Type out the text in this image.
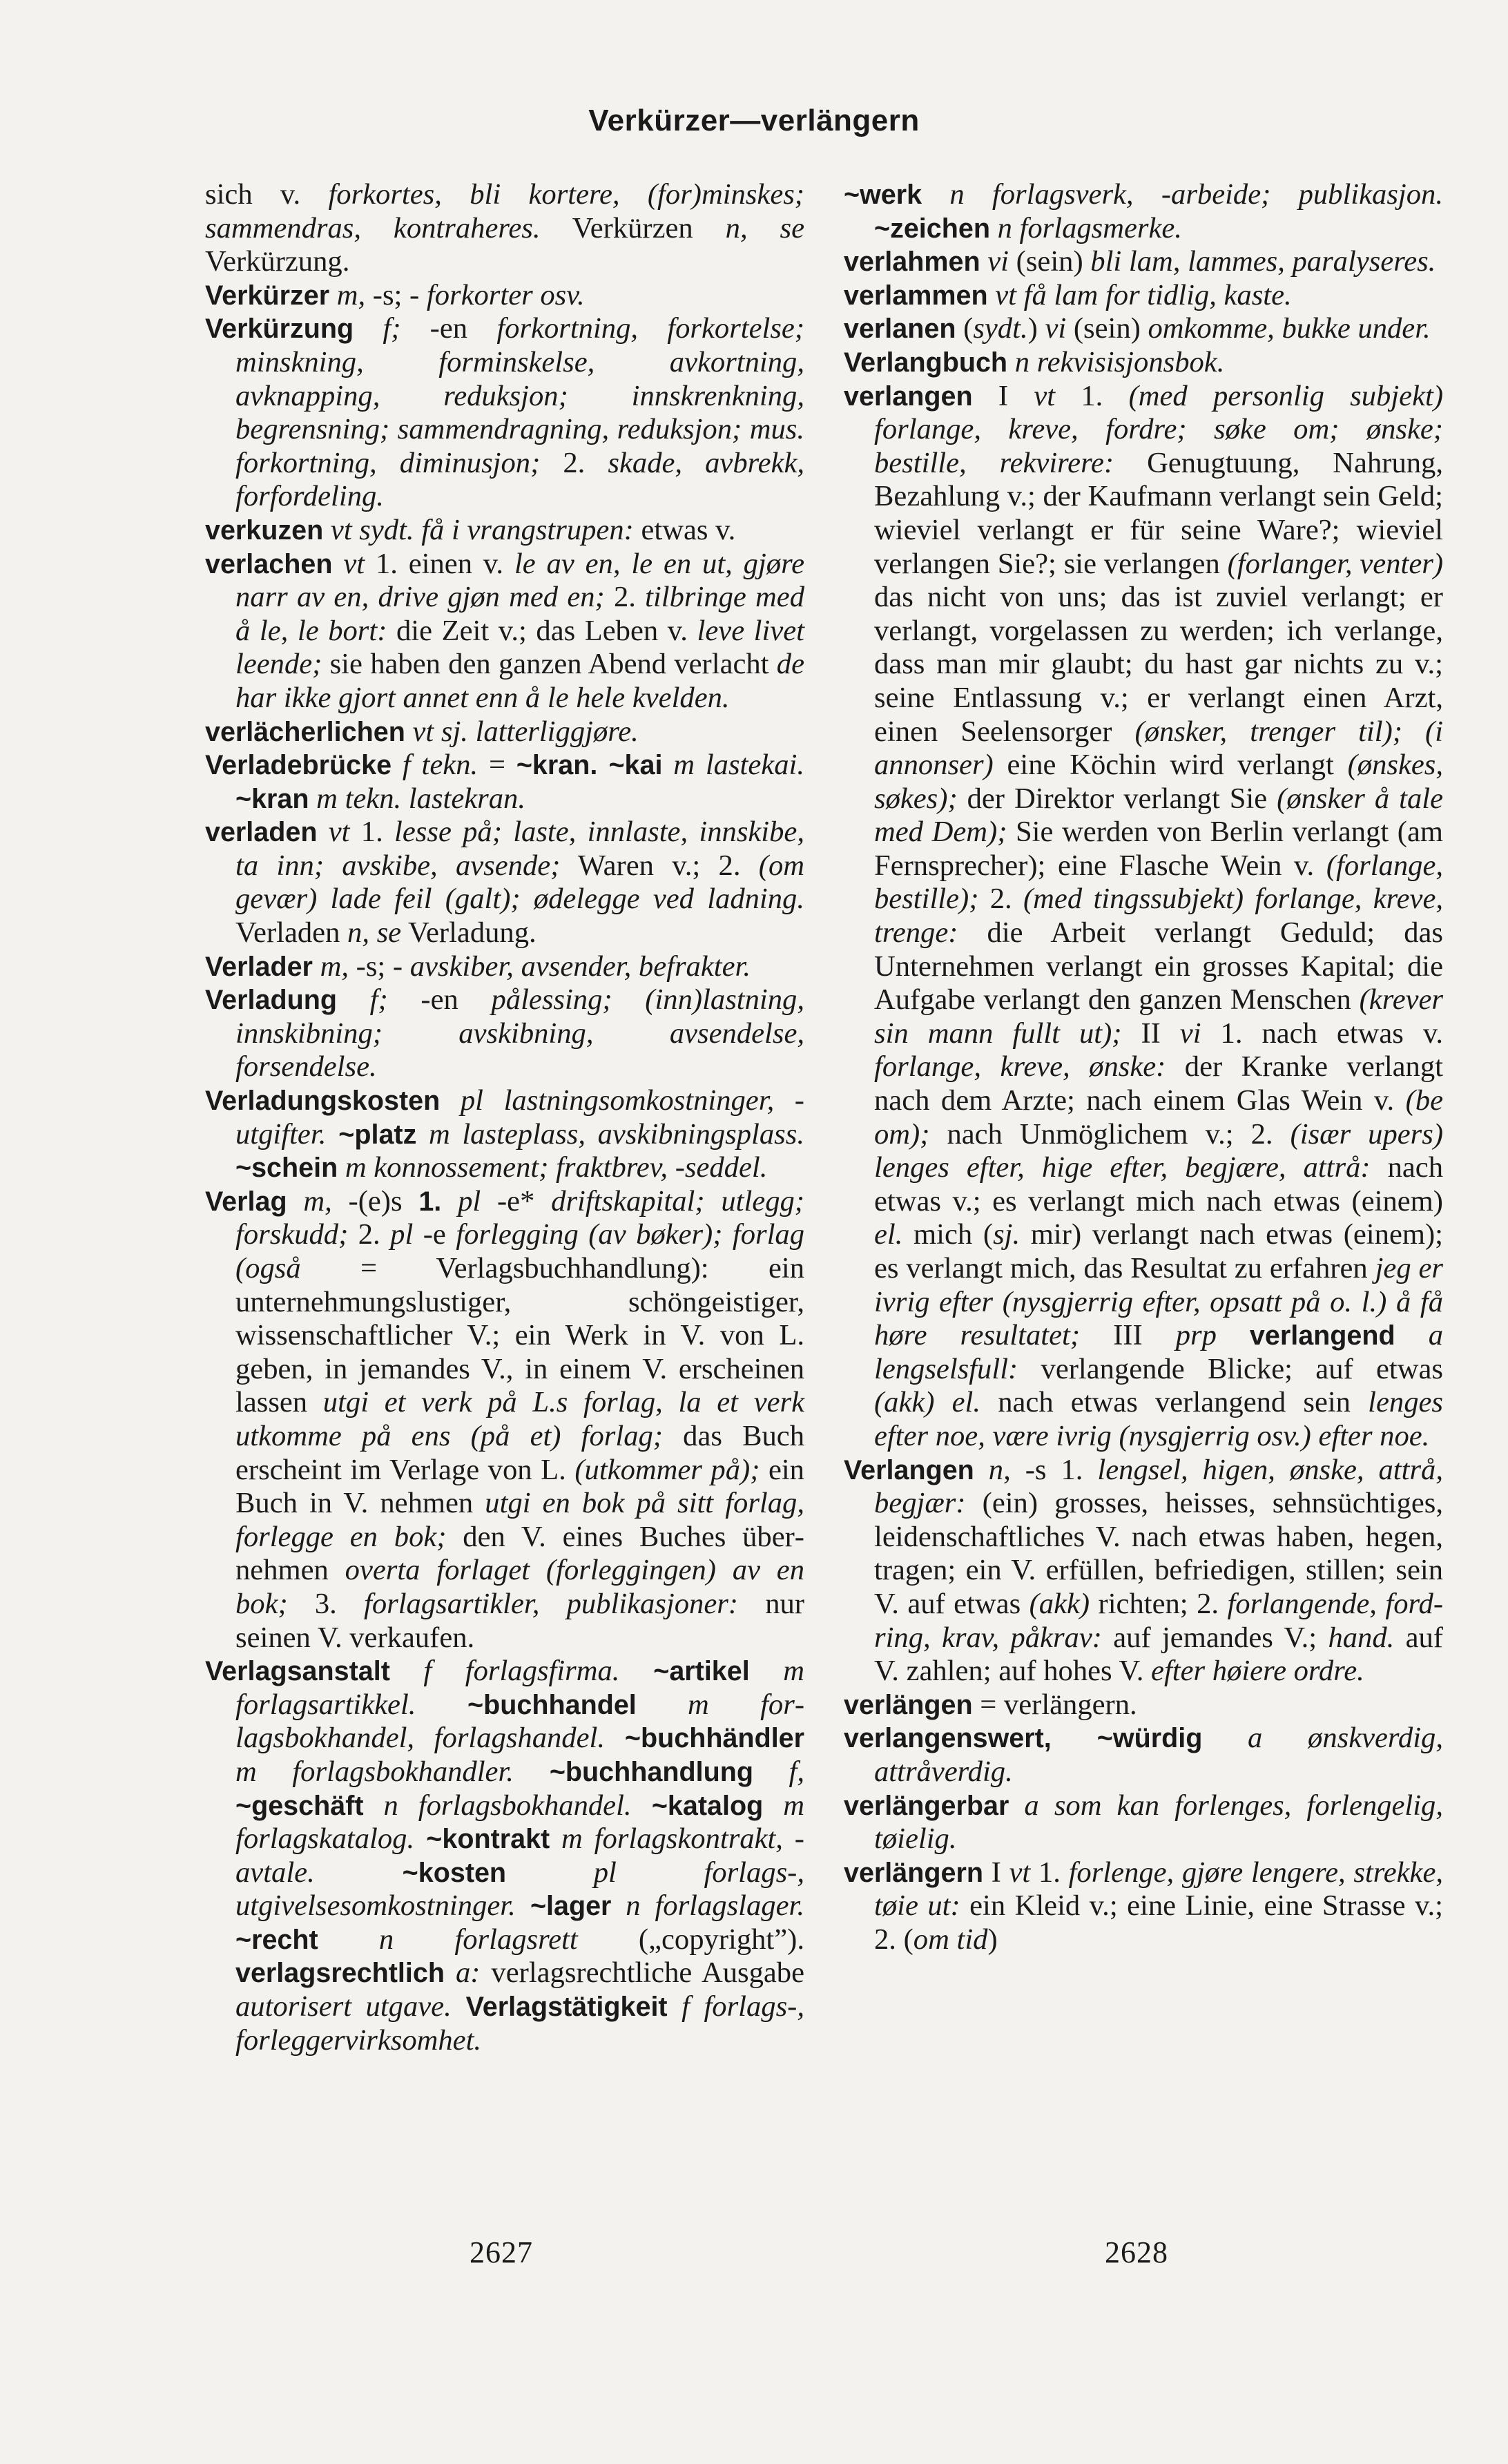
Verkürzer—verlängern

sich v. forkortes, bli kortere, (for)minskes; sammendras, kontraheres. Verkürzen n, se Verkürzung.

Verkürzer m, -s; - forkorter osv.

Verkürzung f; -en forkortning, forkortelse; minskning, forminskelse, avkortning, avknapping, reduksjon; innskrenkning, begrensning; sammendragning, reduksjon; mus. forkortning, diminusjon; 2. skade, avbrekk, forfordeling.

verkuzen vt sydt. få i vrangstrupen: etwas v.

verlachen vt 1. einen v. le av en, le en ut, gjøre narr av en, drive gjøn med en; 2. tilbringe med å le, le bort: die Zeit v.; das Leben v. leve livet leende; sie haben den ganzen Abend verlacht de har ikke gjort annet enn å le hele kvelden.

verlächerlichen vt sj. latterliggjøre.

Verladebrücke f tekn. = ~kran. ~kai m lastekai. ~kran m tekn. lastekran.

verladen vt 1. lesse på; laste, innlaste, innskibe, ta inn; avskibe, avsende; Waren v.; 2. (om gevær) lade feil (galt); ødelegge ved ladning. Verladen n, se Verladung.

Verlader m, -s; - avskiber, avsender, befrakter.

Verladung f; -en pålessing; (inn)lastning, innskibning; avskibning, avsendelse, forsendelse.

Verladungskosten pl lastningsomkostninger, -utgifter. ~platz m lasteplass, avskibningsplass. ~schein m konnossement; fraktbrev, -seddel.

Verlag m, -(e)s 1. pl -e* driftskapital; utlegg; forskudd; 2. pl -e forlegging (av bøker); forlag (også = Verlagsbuchhandlung): ein unternehmungslustiger, schöngeistiger, wissenschaftlicher V.; ein Werk in V. von L. geben, in jemandes V., in einem V. erscheinen lassen utgi et verk på L.s forlag, la et verk utkomme på ens (på et) forlag; das Buch erscheint im Verlage von L. (utkommer på); ein Buch in V. nehmen utgi en bok på sitt forlag, forlegge en bok; den V. eines Buches übernehmen overta forlaget (forleggingen) av en bok; 3. forlagsartikler, publikasjoner: nur seinen V. verkaufen.

Verlagsanstalt f forlagsfirma. ~artikel m forlagsartikkel. ~buchhandel m forlagsbokhandel, forlagshandel. ~buchhändler m forlagsbokhandler. ~buchhandlung f, ~geschäft n forlagsbokhandel. ~katalog m forlagskatalog. ~kontrakt m forlagskontrakt, -avtale. ~kosten pl forlags-, utgivelsesomkostninger. ~lager n forlagslager. ~recht n forlagsrett („copyright”). verlagsrechtlich a: verlagsrechtliche Ausgabe autorisert utgave. Verlagstätigkeit f forlags-, forleggervirksomhet.

~werk n forlagsverk, -arbeide; publikasjon. ~zeichen n forlagsmerke.

verlahmen vi (sein) bli lam, lammes, paralyseres.

verlammen vt få lam for tidlig, kaste.

verlanen (sydt.) vi (sein) omkomme, bukke under.

Verlangbuch n rekvisisjonsbok.

verlangen I vt 1. (med personlig subjekt) forlange, kreve, fordre; søke om; ønske; bestille, rekvirere: Genugtuung, Nahrung, Bezahlung v.; der Kaufmann verlangt sein Geld; wieviel verlangt er für seine Ware?; wieviel verlangen Sie?; sie verlangen (forlanger, venter) das nicht von uns; das ist zuviel verlangt; er verlangt, vorgelassen zu werden; ich verlange, dass man mir glaubt; du hast gar nichts zu v.; seine Entlassung v.; er verlangt einen Arzt, einen Seelensorger (ønsker, trenger til); (i annonser) eine Köchin wird verlangt (ønskes, søkes); der Direktor verlangt Sie (ønsker å tale med Dem); Sie werden von Berlin verlangt (am Fernsprecher); eine Flasche Wein v. (forlange, bestille); 2. (med tingssubjekt) forlange, kreve, trenge: die Arbeit verlangt Geduld; das Unternehmen verlangt ein grosses Kapital; die Aufgabe verlangt den ganzen Menschen (krever sin mann fullt ut); II vi 1. nach etwas v. forlange, kreve, ønske: der Kranke verlangt nach dem Arzte; nach einem Glas Wein v. (be om); nach Unmöglichem v.; 2. (især upers) lenges efter, hige efter, begjære, attrå: nach etwas v.; es verlangt mich nach etwas (einem) el. mich (sj. mir) verlangt nach etwas (einem); es verlangt mich, das Resultat zu erfahren jeg er ivrig efter (nysgjerrig efter, opsatt på o. l.) å få høre resultatet; III prp verlangend a lengselsfull: verlangende Blicke; auf etwas (akk) el. nach etwas verlangend sein lenges efter noe, være ivrig (nysgjerrig osv.) efter noe.

Verlangen n, -s 1. lengsel, higen, ønske, attrå, begjær: (ein) grosses, heisses, sehnsüchtiges, leidenschaftliches V. nach etwas haben, hegen, tragen; ein V. erfüllen, befriedigen, stillen; sein V. auf etwas (akk) richten; 2. forlangende, fordring, krav, påkrav: auf jemandes V.; hand. auf V. zahlen; auf hohes V. efter høiere ordre.

verlängen = verlängern.

verlangenswert, ~würdig a ønskverdig, attråverdig.

verlängerbar a som kan forlenges, forlengelig, tøielig.

verlängern I vt 1. forlenge, gjøre lengere, strekke, tøie ut: ein Kleid v.; eine Linie, eine Strasse v.; 2. (om tid)

2627	2628
